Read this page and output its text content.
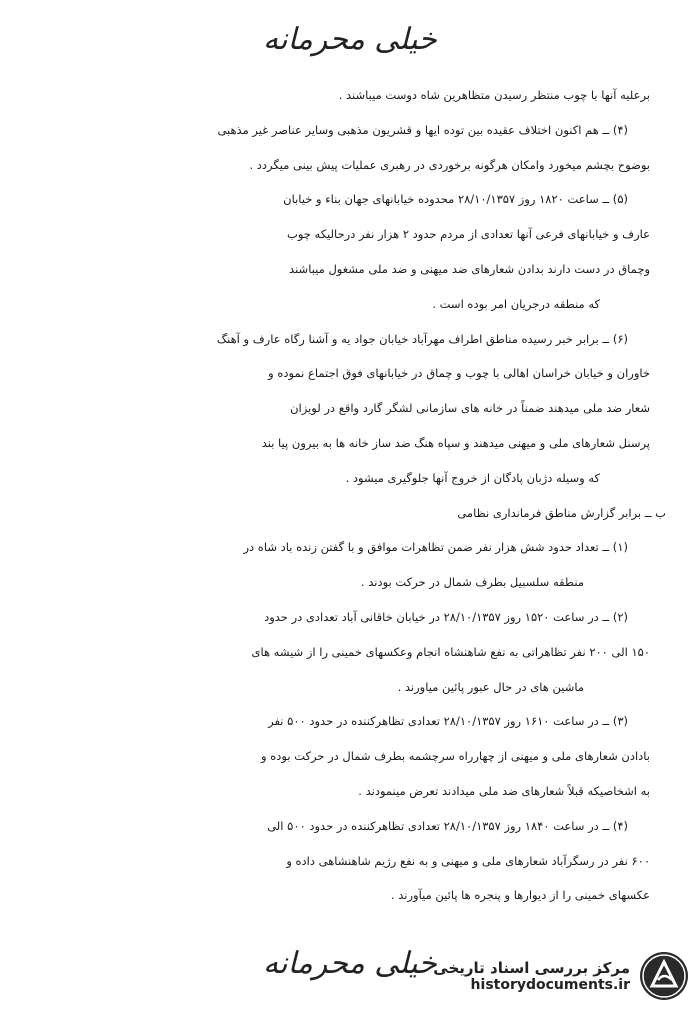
خیلی محرمانه
برعلیه آنها با چوب منتظر رسیدن متظاهرین شاه دوست میباشند .
(۴) ــ هم اکنون اختلاف عقیده بین توده ایها و قشریون مذهبی وسایر عناصر غیر مذهبی
بوضوح بچشم میخورد وامکان هرگونه برخوردی در رهبری عملیات پیش بینی میگردد .
(۵) ــ ساعت ۱۸۲۰ روز ۲۸/۱۰/۱۳۵۷ محدوده خیابانهای جهان بناء و خیابان
عارف و خیابانهای فرعی آنها تعدادی از مردم حدود ۲ هزار نفر درحالیکه چوب
وچماق در دست دارند بدادن شعارهای ضد میهنی و ضد ملی مشغول میباشند
که منطقه درجریان امر بوده است .
(۶) ــ برابر خبر رسیده مناطق اطراف مهرآباد خیابان جواد یه و آشنا رگاه عارف و آهنگ
خاوران و خیابان خراسان اهالی با چوب و چماق در خیابانهای فوق اجتماع نموده و
شعار ضد ملی میدهند ضمناً در خانه های سازمانی لشگر گارد واقع در لویزان
پرسنل شعارهای ملی و میهنی میدهند و سپاه هنگ ضد ساز خانه ها به بیرون پیا بند
که وسیله دژبان پادگان از خروج آنها جلوگیری میشود .
ب ــ برابر گزارش مناطق فرمانداری نظامی
(۱) ــ تعداد حدود شش هزار نفر ضمن تظاهرات موافق و با گفتن زنده باد شاه در
منطقه سلسبیل بطرف شمال در حرکت بودند .
(۲) ــ در ساعت ۱۵۲۰ روز ۲۸/۱۰/۱۳۵۷ در خیابان خاقانی آباد تعدادی در حدود
۱۵۰ الی ۲۰۰ نفر تظاهراتی به نفع شاهنشاه انجام وعکسهای خمینی را از شیشه های
ماشین های در حال عبور پائین میاورند .
(۳) ــ در ساعت ۱۶۱۰ روز ۲۸/۱۰/۱۳۵۷ تعدادی تظاهرکننده در حدود ۵۰۰ نفر
بادادن شعارهای ملی و میهنی از چهارراه سرچشمه بطرف شمال در حرکت بوده و
به اشخاصیکه قبلاً شعارهای ضد ملی میدادند تعرض مینمودند .
(۴) ــ در ساعت ۱۸۴۰ روز ۲۸/۱۰/۱۳۵۷ تعدادی تظاهرکننده در حدود ۵۰۰ الی
۶۰۰ نفر در رسگرآباد شعارهای ملی و میهنی و به نفع رژیم شاهنشاهی داده و
عکسهای خمینی را از دیوارها و پنجره ها پائین میآورند .
خیلی محرمانه
مرکز بررسی اسناد تاریخی
historydocuments.ir
